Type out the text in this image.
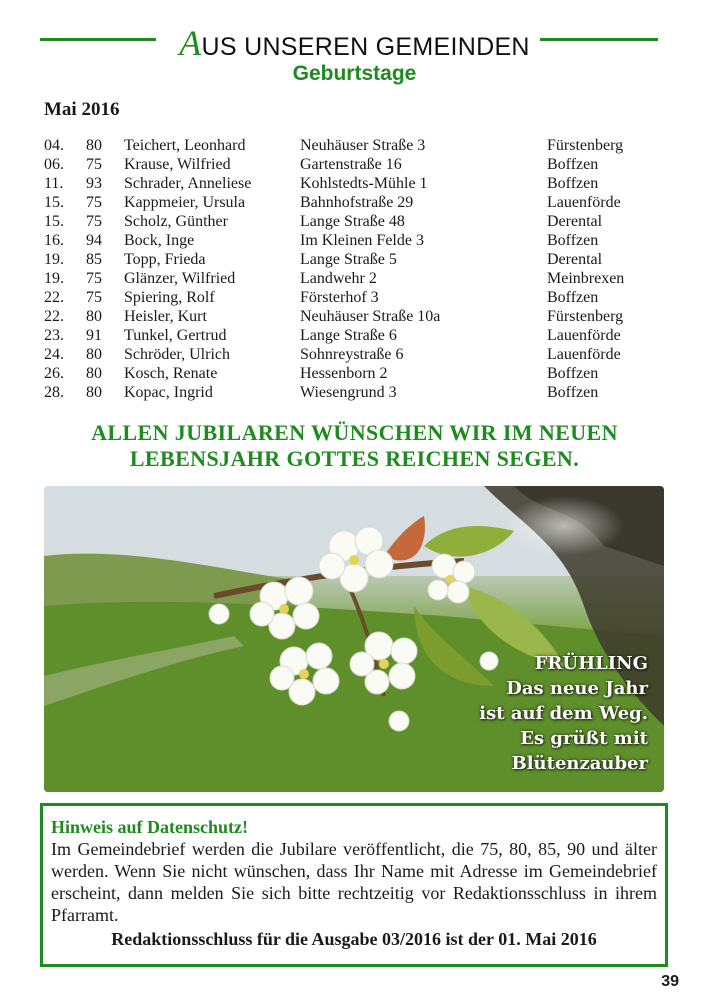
AUS UNSEREN GEMEINDEN
Geburtstage
Mai 2016
04.	80	Teichert, Leonhard	Neuhäuser Straße 3	Fürstenberg
06.	75	Krause, Wilfried	Gartenstraße 16	Boffzen
11.	93	Schrader, Anneliese	Kohlstedts-Mühle 1	Boffzen
15.	75	Kappmeier, Ursula	Bahnhofstraße 29	Lauenförde
15.	75	Scholz, Günther	Lange Straße 48	Derental
16.	94	Bock, Inge	Im Kleinen Felde 3	Boffzen
19.	85	Topp, Frieda	Lange Straße 5	Derental
19.	75	Glänzer, Wilfried	Landwehr 2	Meinbrexen
22.	75	Spiering, Rolf	Försterhof 3	Boffzen
22.	80	Heisler, Kurt	Neuhäuser Straße 10a	Fürstenberg
23.	91	Tunkel, Gertrud	Lange Straße 6	Lauenförde
24.	80	Schröder, Ulrich	Sohnreystraße 6	Lauenförde
26.	80	Kosch, Renate	Hessenborn 2	Boffzen
28.	80	Kopac, Ingrid	Wiesengrund 3	Boffzen
ALLEN JUBILAREN WÜNSCHEN WIR IM NEUEN
LEBENSJAHR GOTTES REICHEN SEGEN.
FRÜHLING
Das neue Jahr
ist auf dem Weg.
Es grüßt mit
Blütenzauber
Hinweis auf Datenschutz!
Im Gemeindebrief werden die Jubilare veröffentlicht, die 75, 80, 85, 90 und älter werden. Wenn Sie nicht wünschen, dass Ihr Name mit Adresse im Gemeindebrief erscheint, dann melden Sie sich bitte rechtzeitig vor Redaktionsschluss in ihrem Pfarramt.
Redaktionsschluss für die Ausgabe 03/2016 ist der 01. Mai 2016
39
